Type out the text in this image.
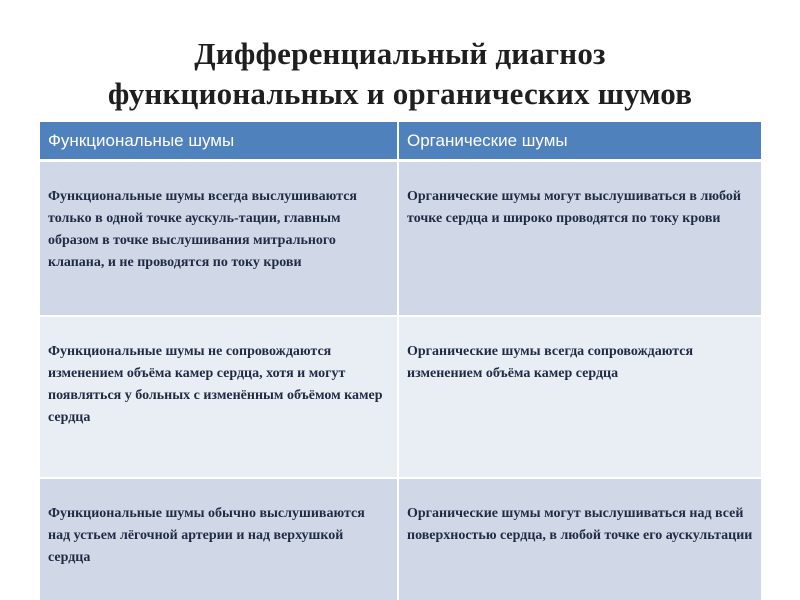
Дифференциальный диагноз
функциональных и органических шумов
Функциональные шумы	Органические шумы
Функциональные шумы всегда выслушиваются только в одной точке аускуль-тации, главным образом в точке выслушивания митрального клапана, и не проводятся по току крови	Органические шумы могут выслушиваться в любой точке сердца и широко проводятся по току крови
Функциональные шумы не сопровождаются изменением объёма камер сердца, хотя и могут появляться у больных с изменённым объёмом камер сердца	Органические шумы всегда сопровождаются изменением объёма камер сердца
Функциональные шумы обычно выслушиваются над устьем лёгочной артерии и над верхушкой сердца	Органические шумы могут выслушиваться над всей поверхностью сердца, в любой точке его аускультации
